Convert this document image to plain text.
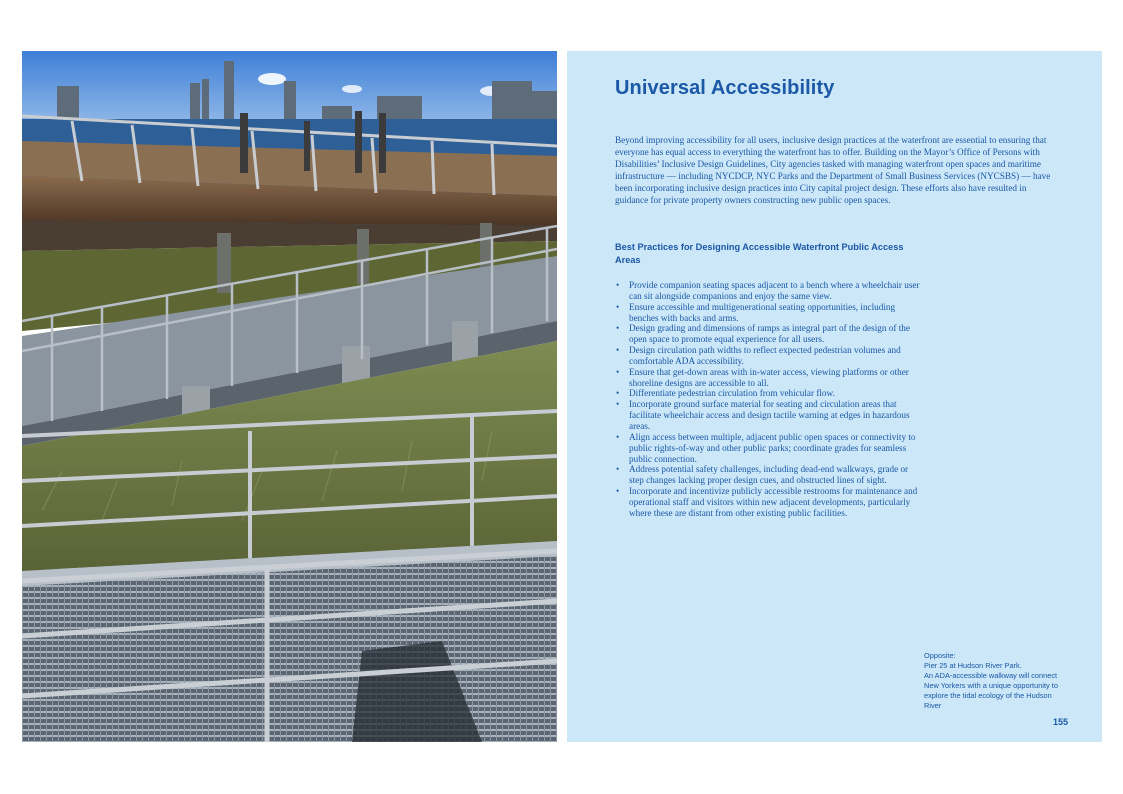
Universal Accessibility

Beyond improving accessibility for all users, inclusive design practices at the waterfront are essential to ensuring that everyone has equal access to everything the waterfront has to offer. Building on the Mayor’s Office of Persons with Disabilities’ Inclusive Design Guidelines, City agencies tasked with managing waterfront open spaces and maritime infrastructure — including NYCDCP, NYC Parks and the Department of Small Business Services (NYCSBS) — have been incorporating inclusive design practices into City capital project design. These efforts also have resulted in guidance for private property owners constructing new public open spaces.

Best Practices for Designing Accessible Waterfront Public Access Areas
• Provide companion seating spaces adjacent to a bench where a wheelchair user can sit alongside companions and enjoy the same view.
• Ensure accessible and multigenerational seating opportunities, including benches with backs and arms.
• Design grading and dimensions of ramps as integral part of the design of the open space to promote equal experience for all users.
• Design circulation path widths to reflect expected pedestrian volumes and comfortable ADA accessibility.
• Ensure that get-down areas with in-water access, viewing platforms or other shoreline designs are accessible to all.
• Differentiate pedestrian circulation from vehicular flow.
• Incorporate ground surface material for seating and circulation areas that facilitate wheelchair access and design tactile warning at edges in hazardous areas.
• Align access between multiple, adjacent public open spaces or connectivity to public rights-of-way and other public parks; coordinate grades for seamless public connection.
• Address potential safety challenges, including dead-end walkways, grade or step changes lacking proper design cues, and obstructed lines of sight.
• Incorporate and incentivize publicly accessible restrooms for maintenance and operational staff and visitors within new adjacent developments, particularly where these are distant from other existing public facilities.
Opposite:
Pier 25 at Hudson River Park.
An ADA-accessible walkway will connect New Yorkers with a unique opportunity to explore the tidal ecology of the Hudson River
155
